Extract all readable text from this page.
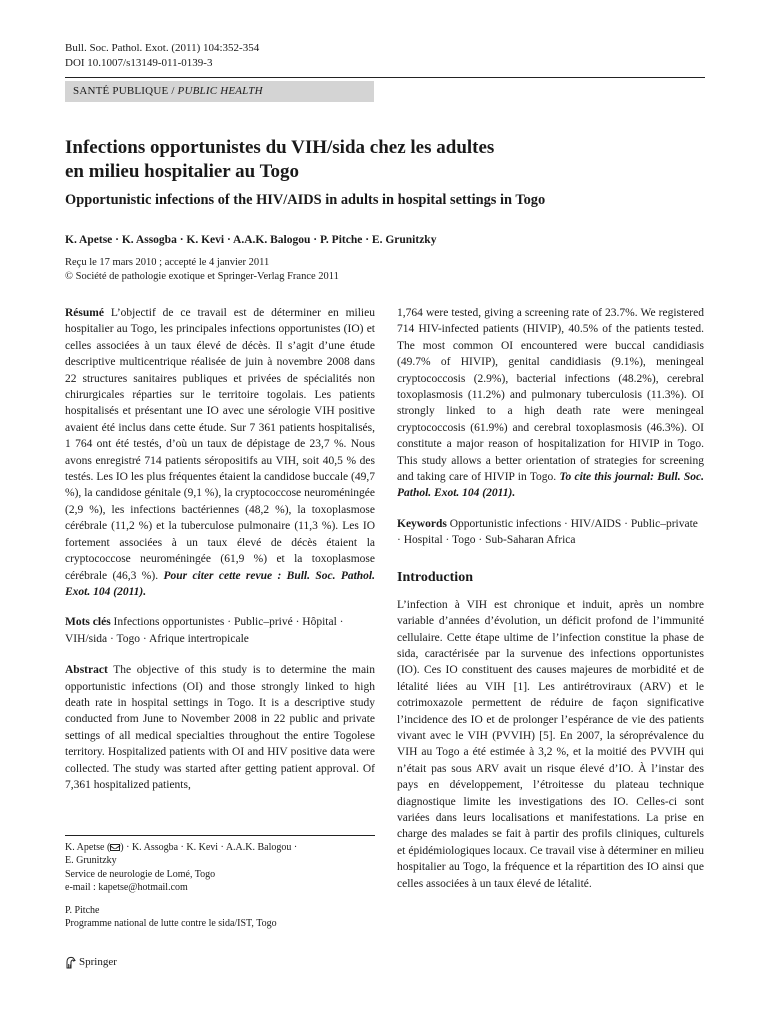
Bull. Soc. Pathol. Exot. (2011) 104:352-354
DOI 10.1007/s13149-011-0139-3
SANTÉ PUBLIQUE / PUBLIC HEALTH
Infections opportunistes du VIH/sida chez les adultes
en milieu hospitalier au Togo
Opportunistic infections of the HIV/AIDS in adults in hospital settings in Togo
K. Apetse · K. Assogba · K. Kevi · A.A.K. Balogou · P. Pitche · E. Grunitzky
Reçu le 17 mars 2010 ; accepté le 4 janvier 2011
© Société de pathologie exotique et Springer-Verlag France 2011

Résumé L’objectif de ce travail est de déterminer en milieu hospitalier au Togo, les principales infections opportunistes (IO) et celles associées à un taux élevé de décès. Il s’agit d’une étude descriptive multicentrique réalisée de juin à novembre 2008 dans 22 structures sanitaires publiques et privées de spécialités non chirurgicales réparties sur le territoire togolais. Les patients hospitalisés et présentant une IO avec une sérologie VIH positive avaient été inclus dans cette étude. Sur 7 361 patients hospitalisés, 1 764 ont été testés, d’où un taux de dépistage de 23,7 %. Nous avons enregistré 714 patients séropositifs au VIH, soit 40,5 % des testés. Les IO les plus fréquentes étaient la candidose buccale (49,7 %), la candidose génitale (9,1 %), la cryptococcose neuroméningée (2,9 %), les infections bactériennes (48,2 %), la toxoplasmose cérébrale (11,2 %) et la tuberculose pulmonaire (11,3 %). Les IO fortement associées à un taux élevé de décès étaient la cryptococcose neuroméningée (61,9 %) et la toxoplasmose cérébrale (46,3 %). Pour citer cette revue : Bull. Soc. Pathol. Exot. 104 (2011).

Mots clés Infections opportunistes · Public–privé · Hôpital · VIH/sida · Togo · Afrique intertropicale

Abstract The objective of this study is to determine the main opportunistic infections (OI) and those strongly linked to high death rate in hospital settings in Togo. It is a descriptive study conducted from June to November 2008 in 22 public and private settings of all medical specialties throughout the entire Togolese territory. Hospitalized patients with OI and HIV positive data were collected. The study was started after getting patient approval. Of 7,361 hospitalized patients,

1,764 were tested, giving a screening rate of 23.7%. We registered 714 HIV-infected patients (HIVIP), 40.5% of the patients tested. The most common OI encountered were buccal candidiasis (49.7% of HIVIP), genital candidiasis (9.1%), meningeal cryptococcosis (2.9%), bacterial infections (48.2%), cerebral toxoplasmosis (11.2%) and pulmonary tuberculosis (11.3%). OI strongly linked to a high death rate were meningeal cryptococcosis (61.9%) and cerebral toxoplasmosis (46.3%). OI constitute a major reason of hospitalization for HIVIP in Togo. This study allows a better orientation of strategies for screening and taking care of HIVIP in Togo. To cite this journal: Bull. Soc. Pathol. Exot. 104 (2011).

Keywords Opportunistic infections · HIV/AIDS · Public–private · Hospital · Togo · Sub-Saharan Africa

Introduction

L’infection à VIH est chronique et induit, après un nombre variable d’années d’évolution, un déficit profond de l’immunité cellulaire. Cette étape ultime de l’infection constitue la phase de sida, caractérisée par la survenue des infections opportunistes (IO). Ces IO constituent des causes majeures de morbidité et de létalité liées au VIH [1]. Les antirétroviraux (ARV) et le cotrimoxazole permettent de réduire de façon significative l’incidence des IO et de prolonger l’espérance de vie des patients vivant avec le VIH (PVVIH) [5]. En 2007, la séroprévalence du VIH au Togo a été estimée à 3,2 %, et la moitié des PVVIH qui n’était pas sous ARV avait un risque élevé d’IO. À l’instar des pays en développement, l’étroitesse du plateau technique diagnostique limite les investigations des IO. Celles-ci sont variées dans leurs localisations et manifestations. La prise en charge des malades se fait à partir des profils cliniques, culturels et épidémiologiques locaux. Ce travail vise à déterminer en milieu hospitalier au Togo, la fréquence et la répartition des IO ainsi que celles associées à un taux élevé de létalité.

K. Apetse ( ) · K. Assogba · K. Kevi · A.A.K. Balogou ·
E. Grunitzky
Service de neurologie de Lomé, Togo
e-mail : kapetse@hotmail.com
P. Pitche
Programme national de lutte contre le sida/IST, Togo
Springer
